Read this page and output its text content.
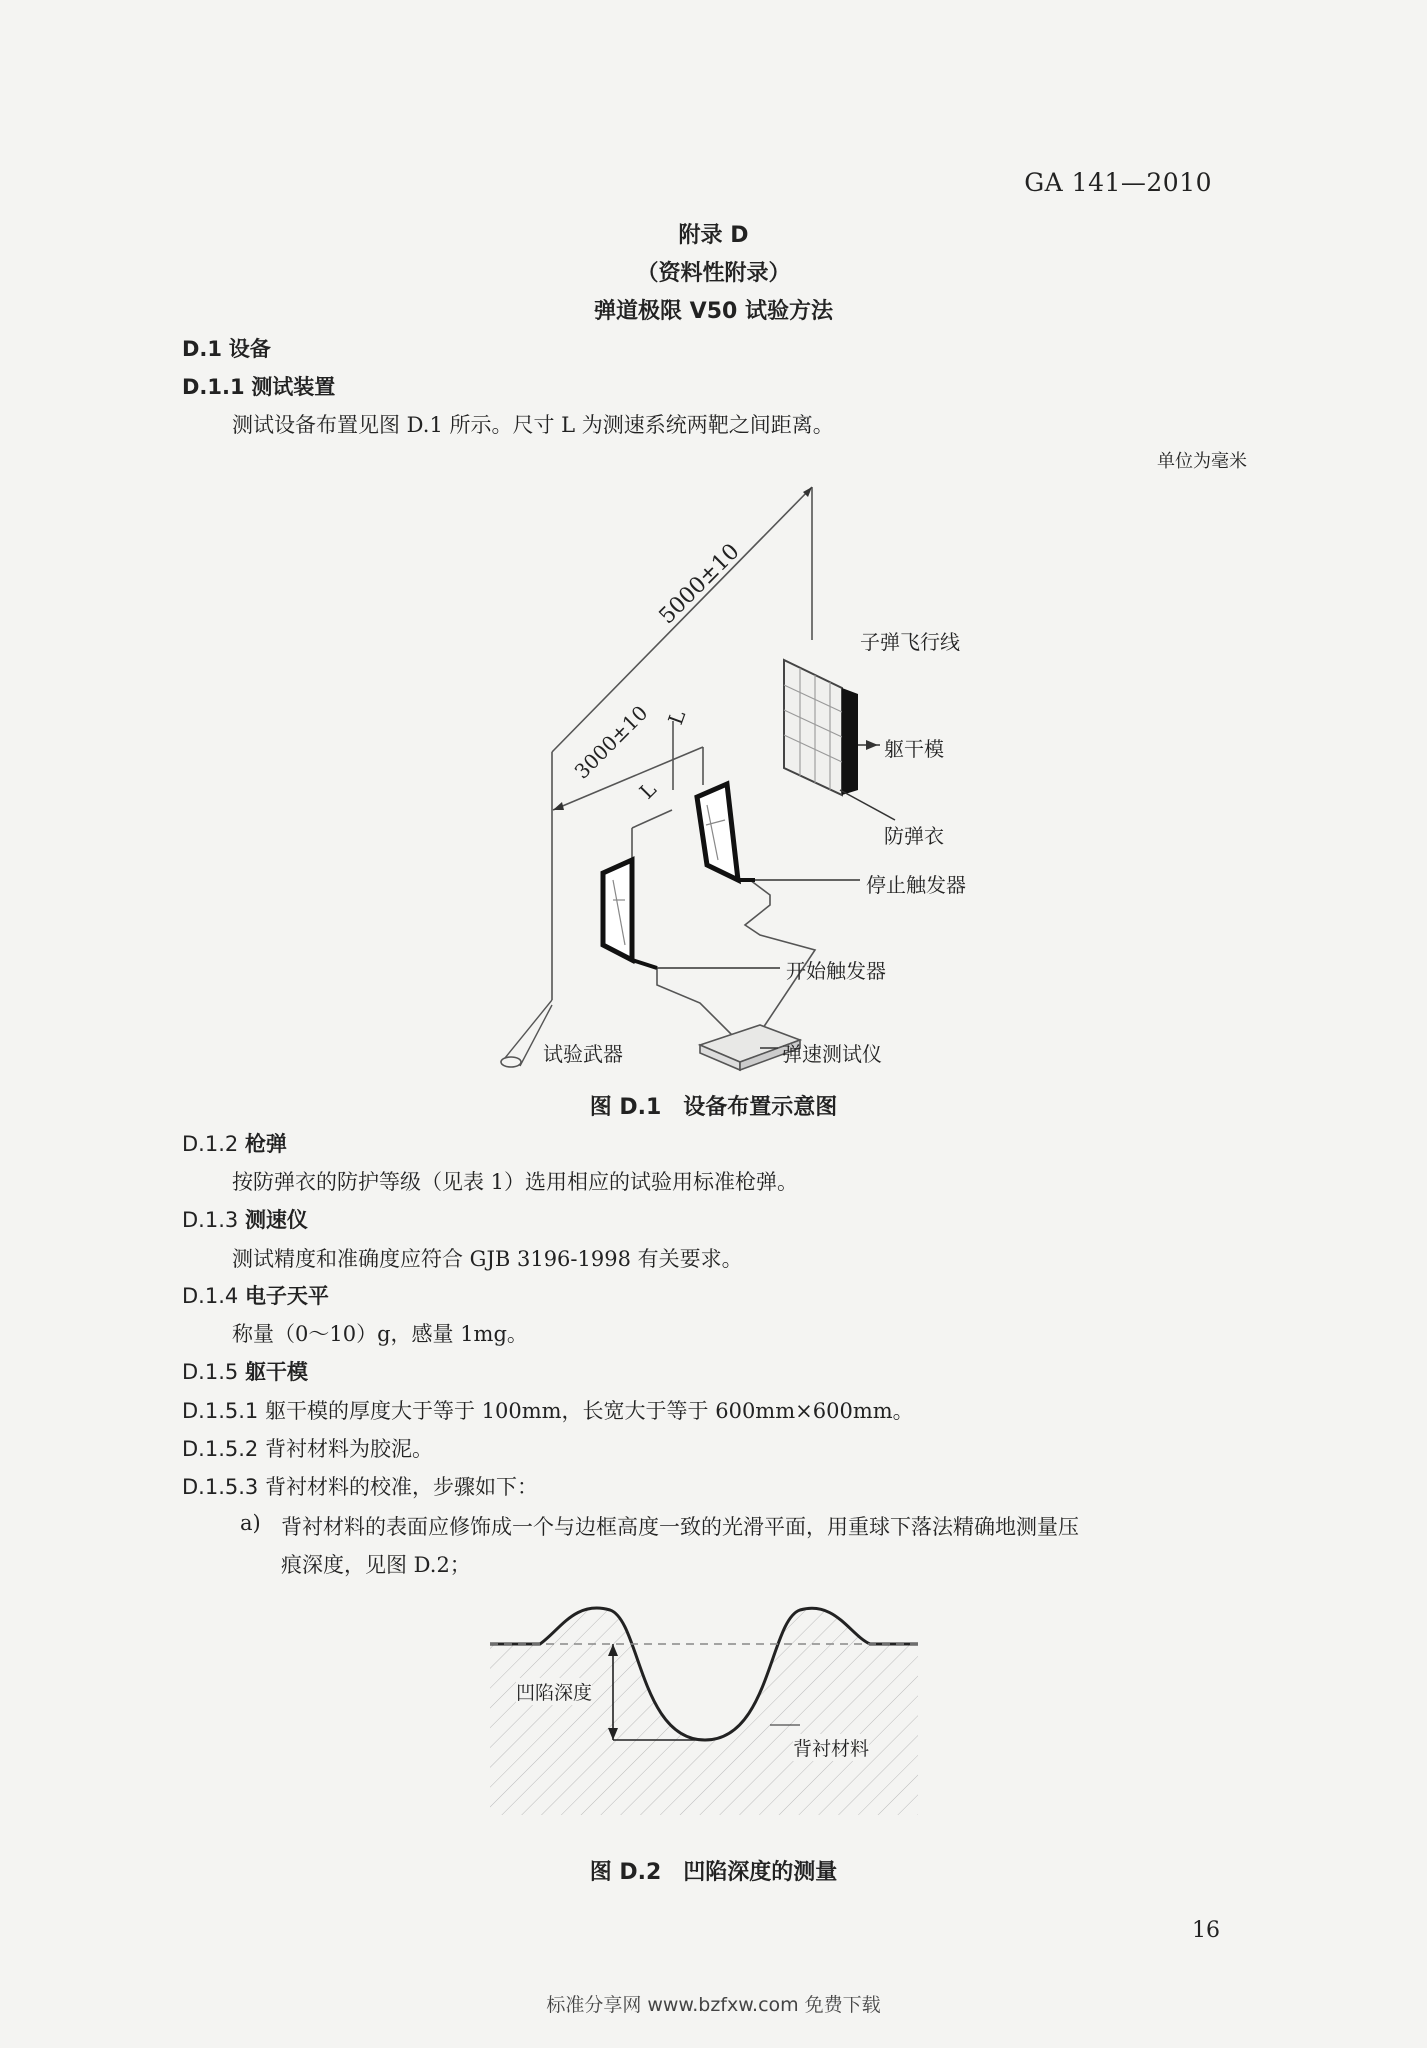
GA 141—2010
附录 D
（资料性附录）
弹道极限 V50 试验方法
D.1 设备
D.1.1 测试装置
测试设备布置见图 D.1 所示。尺寸 L 为测速系统两靶之间距离。
单位为毫米
5000±10
3000±10 L
L
子弹飞行线
躯干模
防弹衣
停止触发器
开始触发器
试验武器	弹速测试仪
图 D.1　设备布置示意图
D.1.2 枪弹
按防弹衣的防护等级（见表 1）选用相应的试验用标准枪弹。
D.1.3 测速仪
测试精度和准确度应符合 GJB 3196-1998 有关要求。
D.1.4 电子天平
称量（0～10）g，感量 1mg。
D.1.5 躯干模
D.1.5.1 躯干模的厚度大于等于 100mm，长宽大于等于 600mm×600mm。
D.1.5.2 背衬材料为胶泥。
D.1.5.3 背衬材料的校准，步骤如下：
a) 背衬材料的表面应修饰成一个与边框高度一致的光滑平面，用重球下落法精确地测量压
痕深度，见图 D.2；
凹陷深度
背衬材料
图 D.2　凹陷深度的测量
16
标准分享网 www.bzfxw.com 免费下载
